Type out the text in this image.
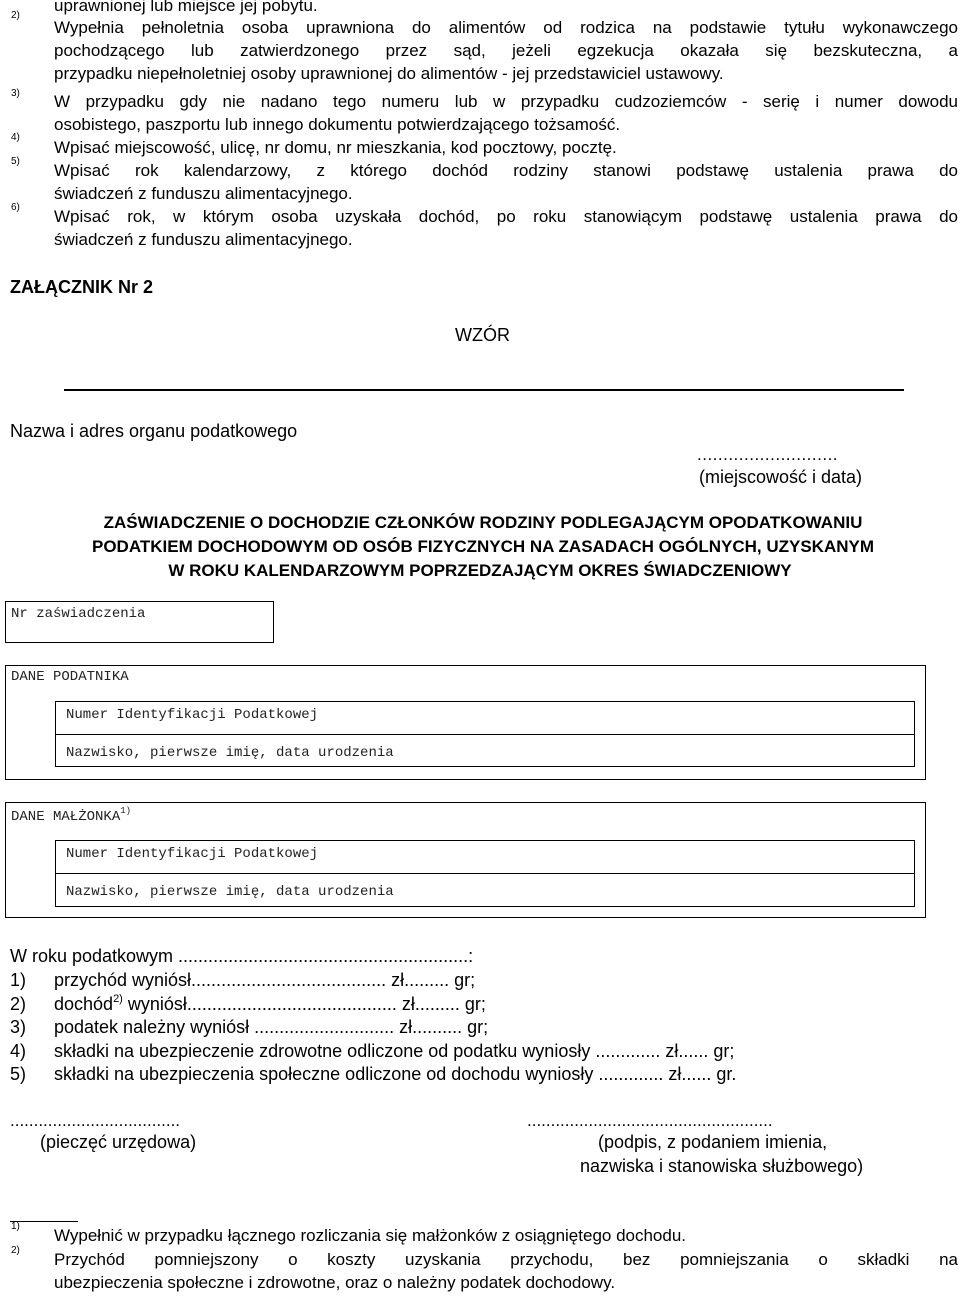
uprawnionej lub miejsce jej pobytu.
2)
Wypełnia pełnoletnia osoba uprawniona do alimentów od rodzica na podstawie tytułu wykonawczego
pochodzącego lub zatwierdzonego przez sąd, jeżeli egzekucja okazała się bezskuteczna, a
przypadku niepełnoletniej osoby uprawnionej do alimentów - jej przedstawiciel ustawowy.
3) W przypadku gdy nie nadano tego numeru lub w przypadku cudzoziemców - serię i numer dowodu
osobistego, paszportu lub innego dokumentu potwierdzającego tożsamość.
4)
Wpisać miejscowość, ulicę, nr domu, nr mieszkania, kod pocztowy, pocztę.
5) Wpisać rok kalendarzowy, z którego dochód rodziny stanowi podstawę ustalenia prawa do
świadczeń z funduszu alimentacyjnego.
6) Wpisać rok, w którym osoba uzyskała dochód, po roku stanowiącym podstawę ustalenia prawa do
świadczeń z funduszu alimentacyjnego.
ZAŁĄCZNIK Nr 2
WZÓR
Nazwa i adres organu podatkowego
...........................
(miejscowość i data)
ZAŚWIADCZENIE O DOCHODZIE CZŁONKÓW RODZINY PODLEGAJĄCYM OPODATKOWANIU
PODATKIEM DOCHODOWYM OD OSÓB FIZYCZNYCH NA ZASADACH OGÓLNYCH, UZYSKANYM
W ROKU KALENDARZOWYM POPRZEDZAJĄCYM OKRES ŚWIADCZENIOWY
Nr zaświadczenia
DANE PODATNIKA
Numer Identyfikacji Podatkowej
Nazwisko, pierwsze imię, data urodzenia
DANE MAŁŻONKA$^{1)}$
Numer Identyfikacji Podatkowej
Nazwisko, pierwsze imię, data urodzenia
W roku podatkowym ..........................................................:
1) przychód wyniósł....................................... zł......... gr;
2) dochód$^{2)}$ wyniósł.......................................... zł......... gr;
3) podatek należny wyniósł ............................ zł.......... gr;
4) składki na ubezpieczenie zdrowotne odliczone od podatku wyniosły ............. zł...... gr;
5) składki na ubezpieczenia społeczne odliczone od dochodu wyniosły ............. zł...... gr.
....................................
(pieczęć urzędowa)
....................................................
(podpis, z podaniem imienia,
nazwiska i stanowiska służbowego)
1) Wypełnić w przypadku łącznego rozliczania się małżonków z osiągniętego dochodu.
2) Przychód pomniejszony o koszty uzyskania przychodu, bez pomniejszania o składki na
ubezpieczenia społeczne i zdrowotne, oraz o należny podatek dochodowy.
